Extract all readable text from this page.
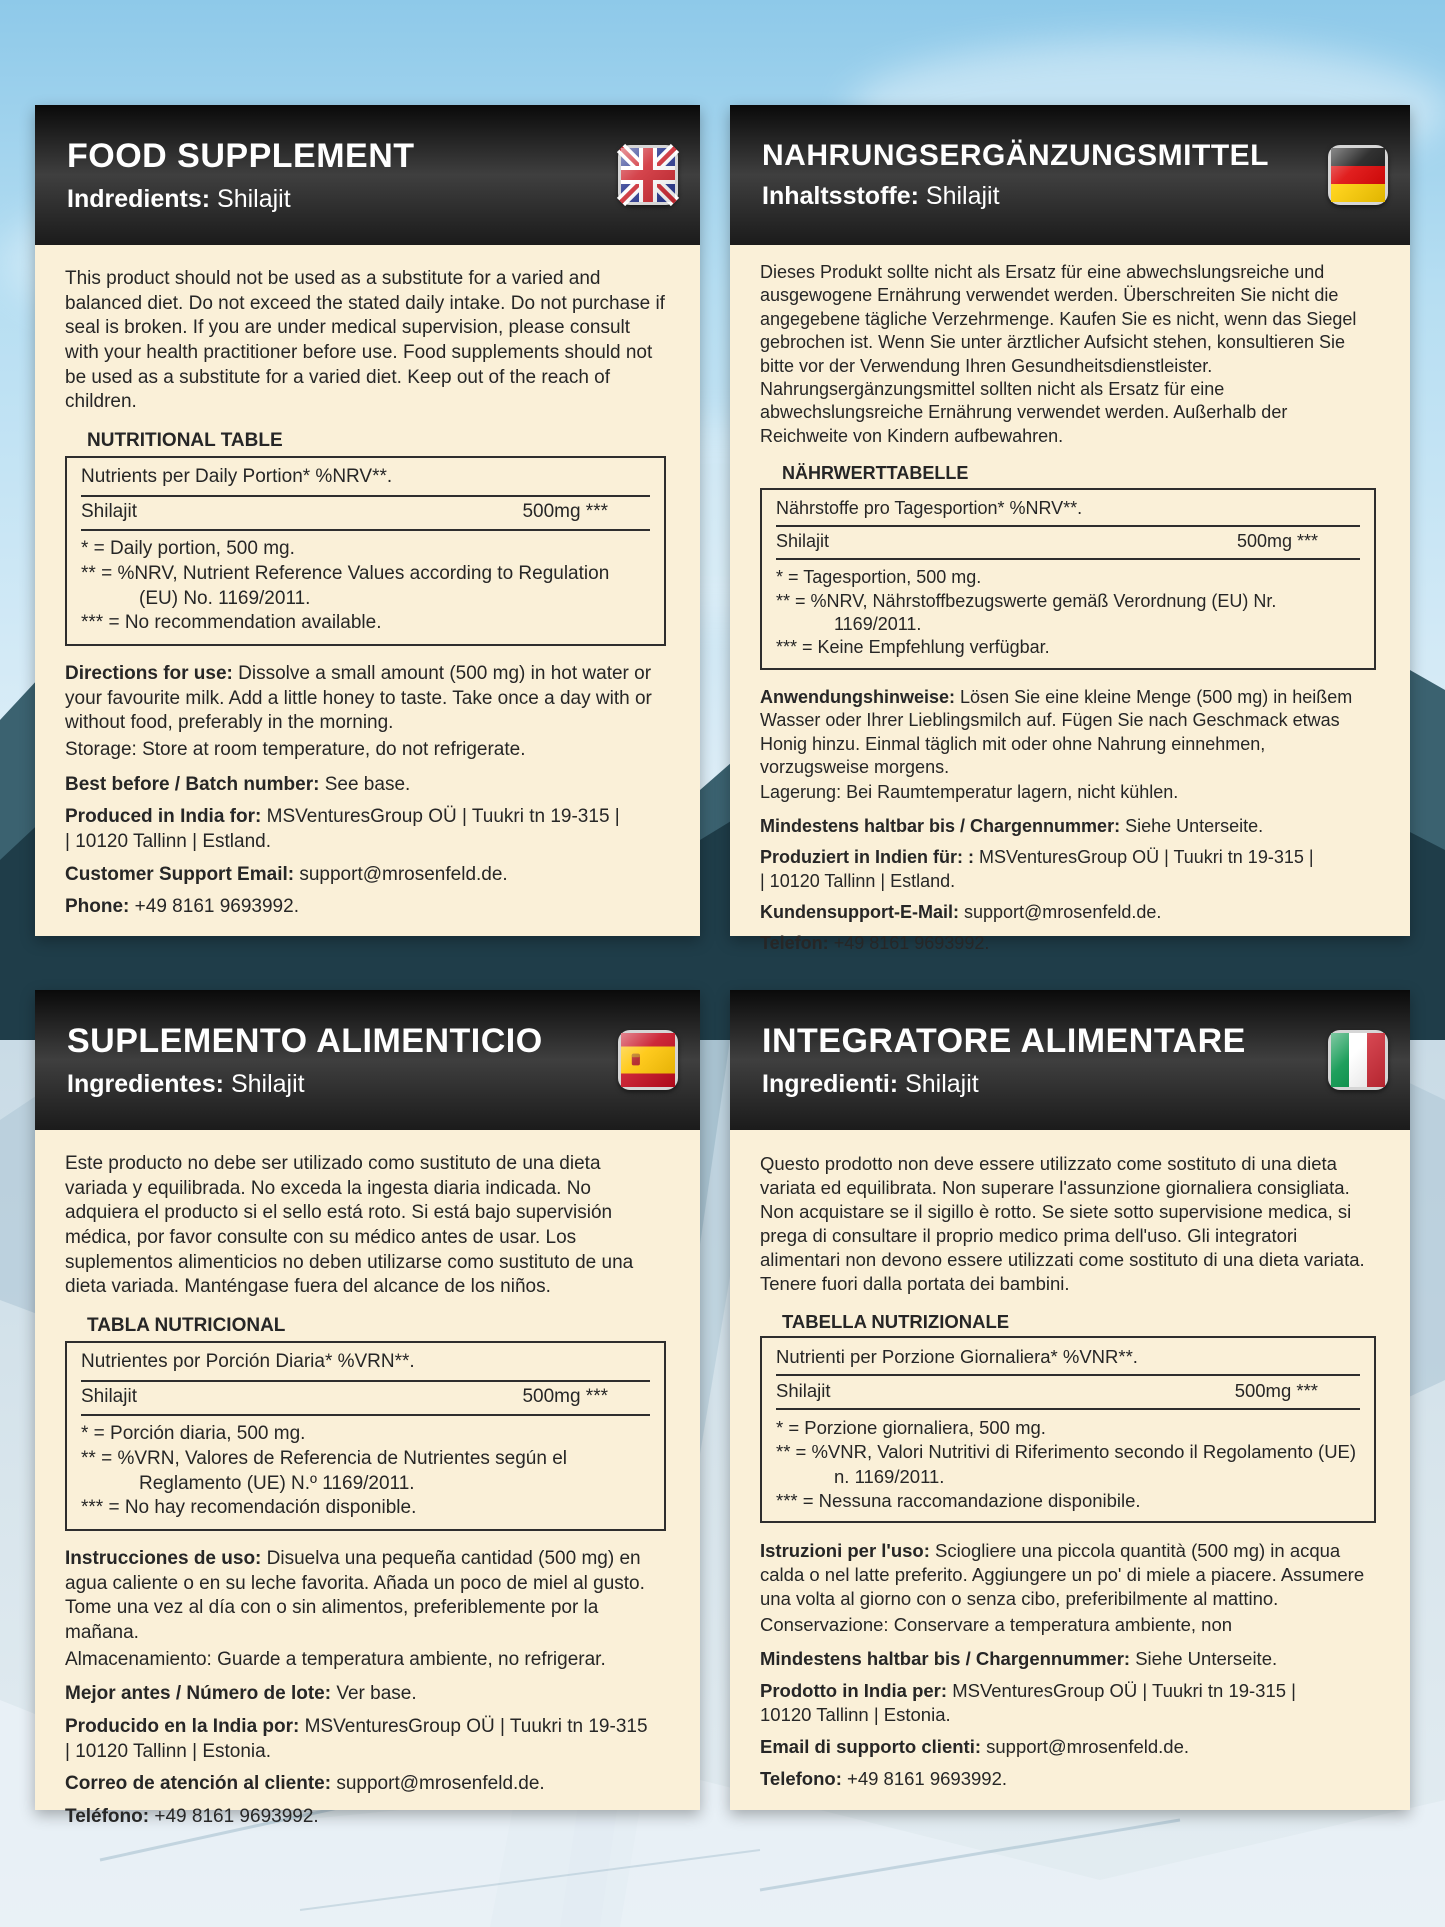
FOOD SUPPLEMENT

Indredients: Shilajit

This product should not be used as a substitute for a varied and balanced diet. Do not exceed the stated daily intake. Do not purchase if seal is broken. If you are under medical supervision, please consult with your health practitioner before use. Food supplements should not be used as a substitute for a varied diet. Keep out of the reach of children.

NUTRITIONAL TABLE
Nutrients per Daily Portion* %NRV**.
Shilajit	500mg ***
* = Daily portion, 500 mg.
** = %NRV, Nutrient Reference Values according to Regulation (EU) No. 1169/2011.
*** = No recommendation available.

Directions for use: Dissolve a small amount (500 mg) in hot water or your favourite milk. Add a little honey to taste. Take once a day with or without food, preferably in the morning.

Storage: Store at room temperature, do not refrigerate.

Best before / Batch number: See base.

Produced in India for: MSVenturesGroup OÜ | Tuukri tn 19-315 |
| 10120 Tallinn | Estland.

Customer Support Email: support@mrosenfeld.de.

Phone: +49 8161 9693992.

NAHRUNGSERGÄNZUNGSMITTEL

Inhaltsstoffe: Shilajit

Dieses Produkt sollte nicht als Ersatz für eine abwechslungsreiche und ausgewogene Ernährung verwendet werden. Überschreiten Sie nicht die angegebene tägliche Verzehrmenge. Kaufen Sie es nicht, wenn das Siegel gebrochen ist. Wenn Sie unter ärztlicher Aufsicht stehen, konsultieren Sie bitte vor der Verwendung Ihren Gesundheitsdienstleister. Nahrungsergänzungsmittel sollten nicht als Ersatz für eine abwechslungsreiche Ernährung verwendet werden. Außerhalb der Reichweite von Kindern aufbewahren.

NÄHRWERTTABELLE
Nährstoffe pro Tagesportion* %NRV**.
Shilajit	500mg ***
* = Tagesportion, 500 mg.
** = %NRV, Nährstoffbezugswerte gemäß Verordnung (EU) Nr. 1169/2011.
*** = Keine Empfehlung verfügbar.

Anwendungshinweise: Lösen Sie eine kleine Menge (500 mg) in heißem Wasser oder Ihrer Lieblingsmilch auf. Fügen Sie nach Geschmack etwas Honig hinzu. Einmal täglich mit oder ohne Nahrung einnehmen, vorzugsweise morgens.

Lagerung: Bei Raumtemperatur lagern, nicht kühlen.

Mindestens haltbar bis / Chargennummer: Siehe Unterseite.

Produziert in Indien für: : MSVenturesGroup OÜ | Tuukri tn 19-315 |
| 10120 Tallinn | Estland.

Kundensupport-E-Mail: support@mrosenfeld.de.

Telefon: +49 8161 9693992.

SUPLEMENTO ALIMENTICIO

Ingredientes: Shilajit

Este producto no debe ser utilizado como sustituto de una dieta variada y equilibrada. No exceda la ingesta diaria indicada. No adquiera el producto si el sello está roto. Si está bajo supervisión médica, por favor consulte con su médico antes de usar. Los suplementos alimenticios no deben utilizarse como sustituto de una dieta variada. Manténgase fuera del alcance de los niños.

TABLA NUTRICIONAL
Nutrientes por Porción Diaria* %VRN**.
Shilajit	500mg ***
* = Porción diaria, 500 mg.
** = %VRN, Valores de Referencia de Nutrientes según el Reglamento (UE) N.º 1169/2011.
*** = No hay recomendación disponible.

Instrucciones de uso: Disuelva una pequeña cantidad (500 mg) en agua caliente o en su leche favorita. Añada un poco de miel al gusto. Tome una vez al día con o sin alimentos, preferiblemente por la mañana.

Almacenamiento: Guarde a temperatura ambiente, no refrigerar.

Mejor antes / Número de lote: Ver base.

Producido en la India por: MSVenturesGroup OÜ | Tuukri tn 19-315
| 10120 Tallinn | Estonia.

Correo de atención al cliente: support@mrosenfeld.de.

Teléfono: +49 8161 9693992.

INTEGRATORE ALIMENTARE

Ingredienti: Shilajit

Questo prodotto non deve essere utilizzato come sostituto di una dieta variata ed equilibrata. Non superare l'assunzione giornaliera consigliata. Non acquistare se il sigillo è rotto. Se siete sotto supervisione medica, si prega di consultare il proprio medico prima dell'uso. Gli integratori alimentari non devono essere utilizzati come sostituto di una dieta variata. Tenere fuori dalla portata dei bambini.

TABELLA NUTRIZIONALE
Nutrienti per Porzione Giornaliera* %VNR**.
Shilajit	500mg ***
* = Porzione giornaliera, 500 mg.
** = %VNR, Valori Nutritivi di Riferimento secondo il Regolamento (UE) n. 1169/2011.
*** = Nessuna raccomandazione disponibile.

Istruzioni per l'uso: Sciogliere una piccola quantità (500 mg) in acqua calda o nel latte preferito. Aggiungere un po' di miele a piacere. Assumere una volta al giorno con o senza cibo, preferibilmente al mattino.

Conservazione: Conservare a temperatura ambiente, non

Mindestens haltbar bis / Chargennummer: Siehe Unterseite.

Prodotto in India per: MSVenturesGroup OÜ | Tuukri tn 19-315 |
10120 Tallinn | Estonia.

Email di supporto clienti: support@mrosenfeld.de.

Telefono: +49 8161 9693992.
